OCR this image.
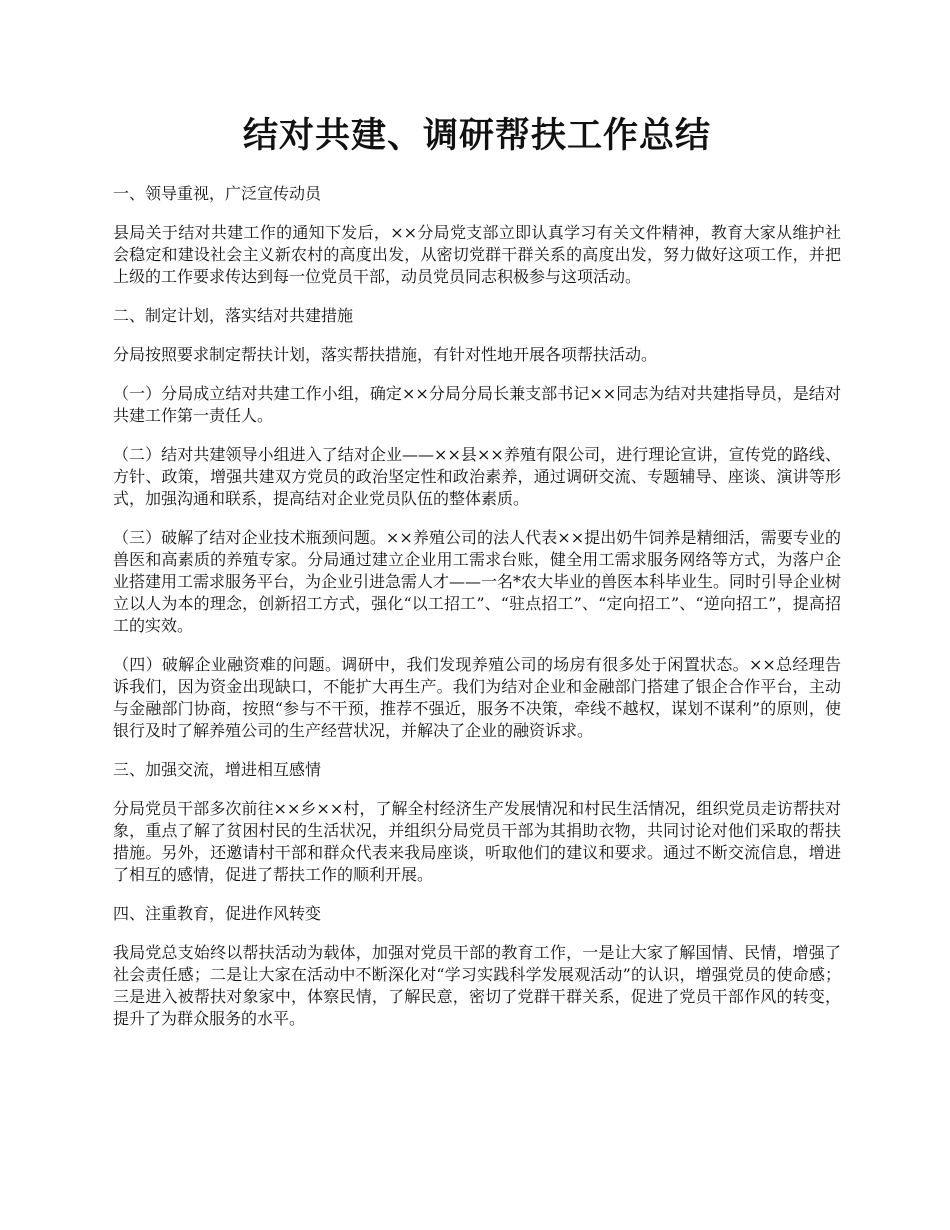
结对共建、调研帮扶工作总结
一、领导重视，广泛宣传动员

县局关于结对共建工作的通知下发后，××分局党支部立即认真学习有关文件精神，教育大家从维护社会稳定和建设社会主义新农村的高度出发，从密切党群干群关系的高度出发，努力做好这项工作，并把上级的工作要求传达到每一位党员干部，动员党员同志积极参与这项活动。

二、制定计划，落实结对共建措施

分局按照要求制定帮扶计划，落实帮扶措施，有针对性地开展各项帮扶活动。

（一）分局成立结对共建工作小组，确定××分局分局长兼支部书记××同志为结对共建指导员，是结对共建工作第一责任人。

（二）结对共建领导小组进入了结对企业——××县××养殖有限公司，进行理论宣讲，宣传党的路线、方针、政策，增强共建双方党员的政治坚定性和政治素养，通过调研交流、专题辅导、座谈、演讲等形式，加强沟通和联系，提高结对企业党员队伍的整体素质。

（三）破解了结对企业技术瓶颈问题。××养殖公司的法人代表××提出奶牛饲养是精细活，需要专业的兽医和高素质的养殖专家。分局通过建立企业用工需求台账，健全用工需求服务网络等方式，为落户企业搭建用工需求服务平台，为企业引进急需人才——一名*农大毕业的兽医本科毕业生。同时引导企业树立以人为本的理念，创新招工方式，强化“以工招工”、“驻点招工”、“定向招工”、“逆向招工”，提高招工的实效。

（四）破解企业融资难的问题。调研中，我们发现养殖公司的场房有很多处于闲置状态。××总经理告诉我们，因为资金出现缺口，不能扩大再生产。我们为结对企业和金融部门搭建了银企合作平台，主动与金融部门协商，按照“参与不干预，推荐不强近，服务不决策，牵线不越权，谋划不谋利”的原则，使银行及时了解养殖公司的生产经营状况，并解决了企业的融资诉求。

三、加强交流，增进相互感情

分局党员干部多次前往××乡××村，了解全村经济生产发展情况和村民生活情况，组织党员走访帮扶对象，重点了解了贫困村民的生活状况，并组织分局党员干部为其捐助衣物，共同讨论对他们采取的帮扶措施。另外，还邀请村干部和群众代表来我局座谈，听取他们的建议和要求。通过不断交流信息，增进了相互的感情，促进了帮扶工作的顺利开展。

四、注重教育，促进作风转变

我局党总支始终以帮扶活动为载体，加强对党员干部的教育工作，一是让大家了解国情、民情，增强了社会责任感；二是让大家在活动中不断深化对“学习实践科学发展观活动”的认识，增强党员的使命感；三是进入被帮扶对象家中，体察民情，了解民意，密切了党群干群关系，促进了党员干部作风的转变，提升了为群众服务的水平。
